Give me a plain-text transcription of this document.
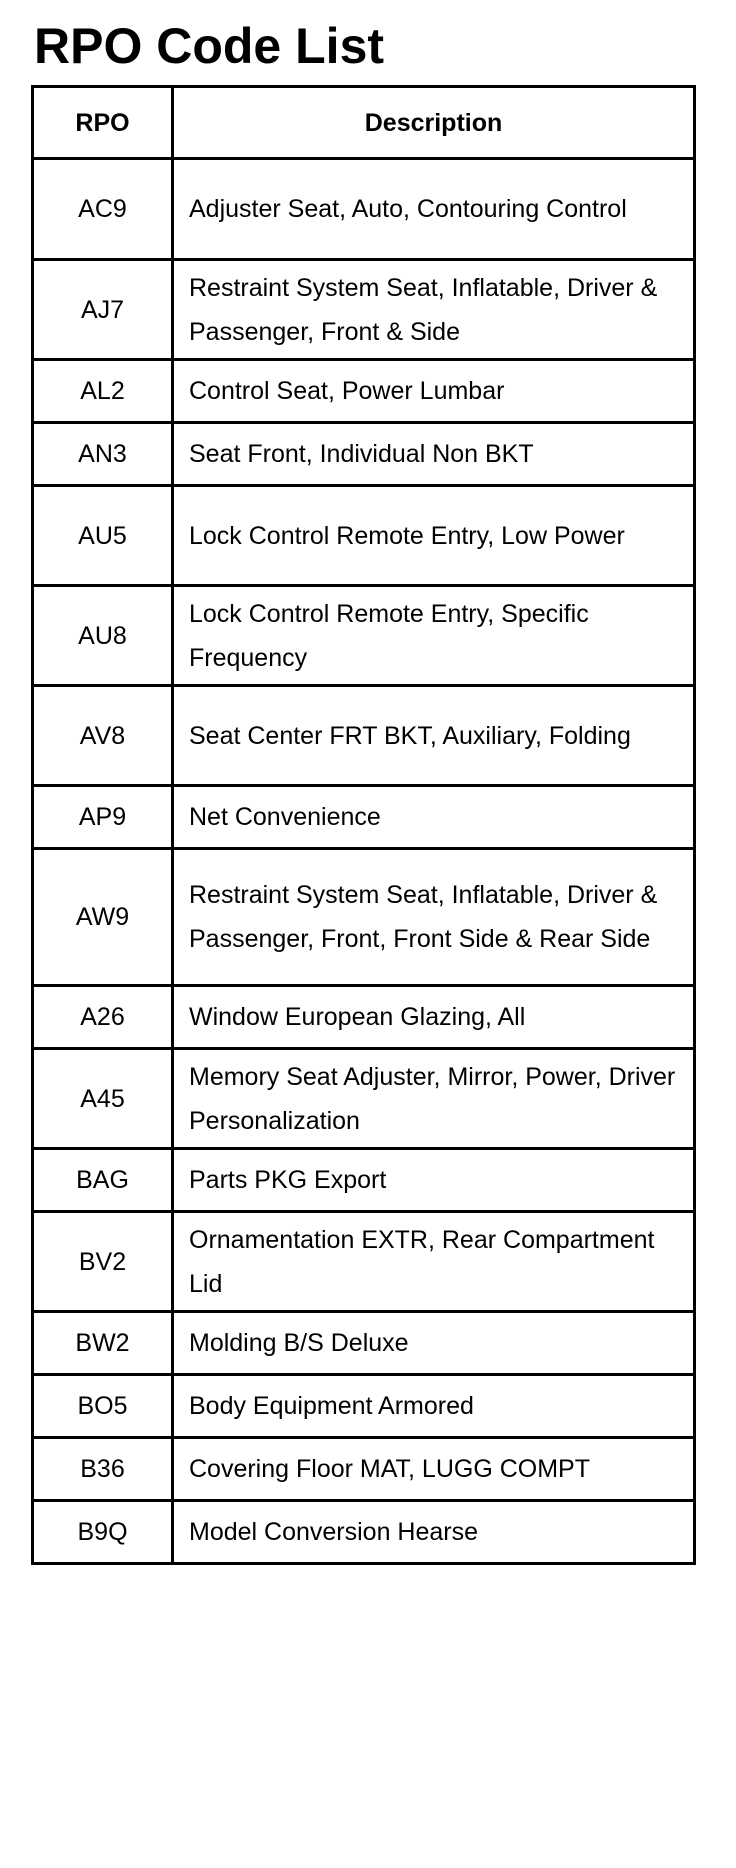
RPO Code List
RPO	Description
AC9	Adjuster Seat, Auto, Contouring Control
AJ7	Restraint System Seat, Inflatable, Driver & Passenger, Front & Side
AL2	Control Seat, Power Lumbar
AN3	Seat Front, Individual Non BKT
AU5	Lock Control Remote Entry, Low Power
AU8	Lock Control Remote Entry, Specific Frequency
AV8	Seat Center FRT BKT, Auxiliary, Folding
AP9	Net Convenience
AW9	Restraint System Seat, Inflatable, Driver & Passenger, Front, Front Side & Rear Side
A26	Window European Glazing, All
A45	Memory Seat Adjuster, Mirror, Power, Driver Personalization
BAG	Parts PKG Export
BV2	Ornamentation EXTR, Rear Compartment Lid
BW2	Molding B/S Deluxe
BO5	Body Equipment Armored
B36	Covering Floor MAT, LUGG COMPT
B9Q	Model Conversion Hearse
